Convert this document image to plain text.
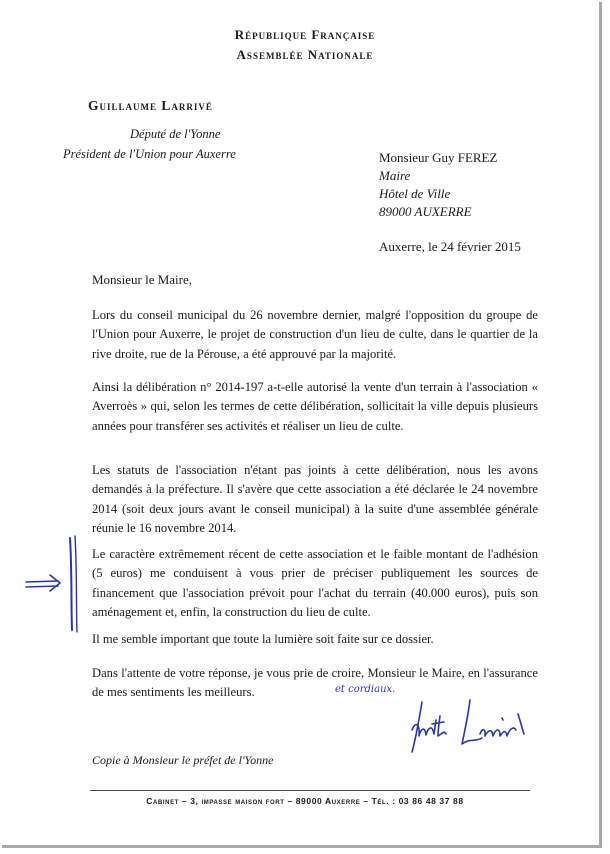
République Française
Assemblée Nationale
Guillaume Larrivé
Député de l'Yonne
Président de l'Union pour Auxerre	Monsieur Guy FEREZ
Maire
Hôtel de Ville
89000 AUXERRE
Auxerre, le 24 février 2015
Monsieur le Maire,
Lors du conseil municipal du 26 novembre dernier, malgré l'opposition du groupe de l'Union pour Auxerre, le projet de construction d'un lieu de culte, dans le quartier de la rive droite, rue de la Pérouse, a été approuvé par la majorité.
Ainsi la délibération n° 2014-197 a-t-elle autorisé la vente d'un terrain à l'association « Averroès » qui, selon les termes de cette délibération, sollicitait la ville depuis plusieurs années pour transférer ses activités et réaliser un lieu de culte.
Les statuts de l'association n'étant pas joints à cette délibération, nous les avons demandés à la préfecture. Il s'avère que cette association a été déclarée le 24 novembre 2014 (soit deux jours avant le conseil municipal) à la suite d'une assemblée générale réunie le 16 novembre 2014.
Le caractère extrêmement récent de cette association et le faible montant de l'adhésion (5 euros) me conduisent à vous prier de préciser publiquement les sources de financement que l'association prévoit pour l'achat du terrain (40.000 euros), puis son aménagement et, enfin, la construction du lieu de culte.
Il me semble important que toute la lumière soit faite sur ce dossier.
Dans l'attente de votre réponse, je vous prie de croire, Monsieur le Maire, en l'assurance de mes sentiments les meilleurs.	et cordiaux.
Copie à Monsieur le préfet de l'Yonne
Cabinet – 3, impasse maison fort – 89000 Auxerre – Tél. : 03 86 48 37 88
